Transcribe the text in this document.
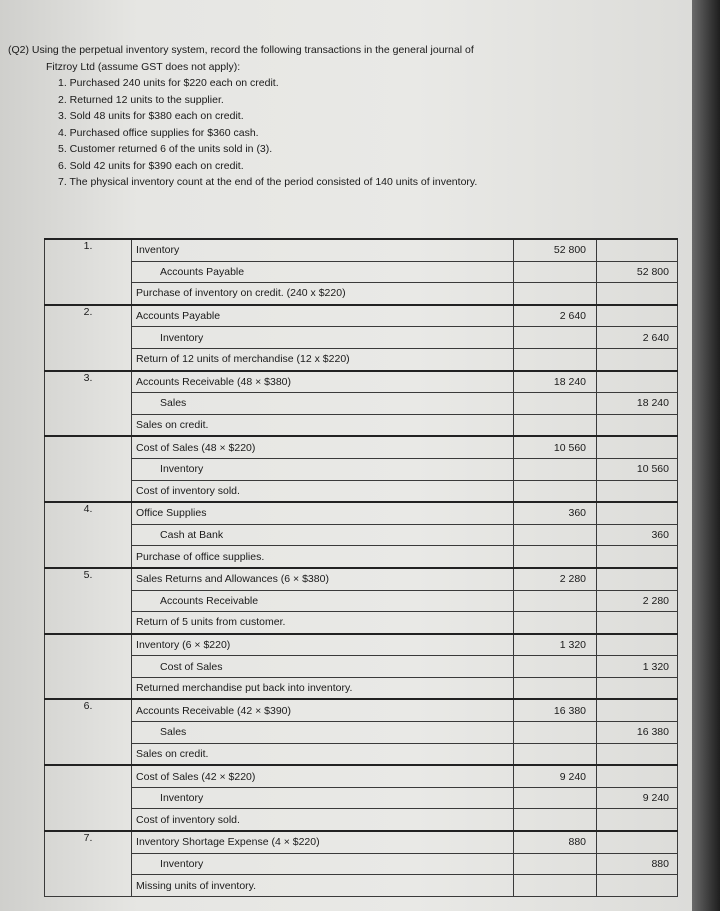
(Q2) Using the perpetual inventory system, record the following transactions in the general journal of
Fitzroy Ltd (assume GST does not apply):
1. Purchased 240 units for $220 each on credit.
2. Returned 12 units to the supplier.
3. Sold 48 units for $380 each on credit.
4. Purchased office supplies for $360 cash.
5. Customer returned 6 of the units sold in (3).
6. Sold 42 units for $390 each on credit.
7. The physical inventory count at the end of the period consisted of 140 units of inventory.
1.	Inventory	52 800	
	Accounts Payable		52 800
	Purchase of inventory on credit. (240 x $220)		
2.	Accounts Payable	2 640	
	Inventory		2 640
	Return of 12 units of merchandise (12 x $220)		
3.	Accounts Receivable (48 × $380)	18 240	
	Sales		18 240
	Sales on credit.		
	Cost of Sales (48 × $220)	10 560	
	Inventory		10 560
	Cost of inventory sold.		
4.	Office Supplies	360	
	Cash at Bank		360
	Purchase of office supplies.		
5.	Sales Returns and Allowances (6 × $380)	2 280	
	Accounts Receivable		2 280
	Return of 5 units from customer.		
	Inventory (6 × $220)	1 320	
	Cost of Sales		1 320
	Returned merchandise put back into inventory.		
6.	Accounts Receivable (42 × $390)	16 380	
	Sales		16 380
	Sales on credit.		
	Cost of Sales (42 × $220)	9 240	
	Inventory		9 240
	Cost of inventory sold.		
7.	Inventory Shortage Expense (4 × $220)	880	
	Inventory		880
	Missing units of inventory.		
